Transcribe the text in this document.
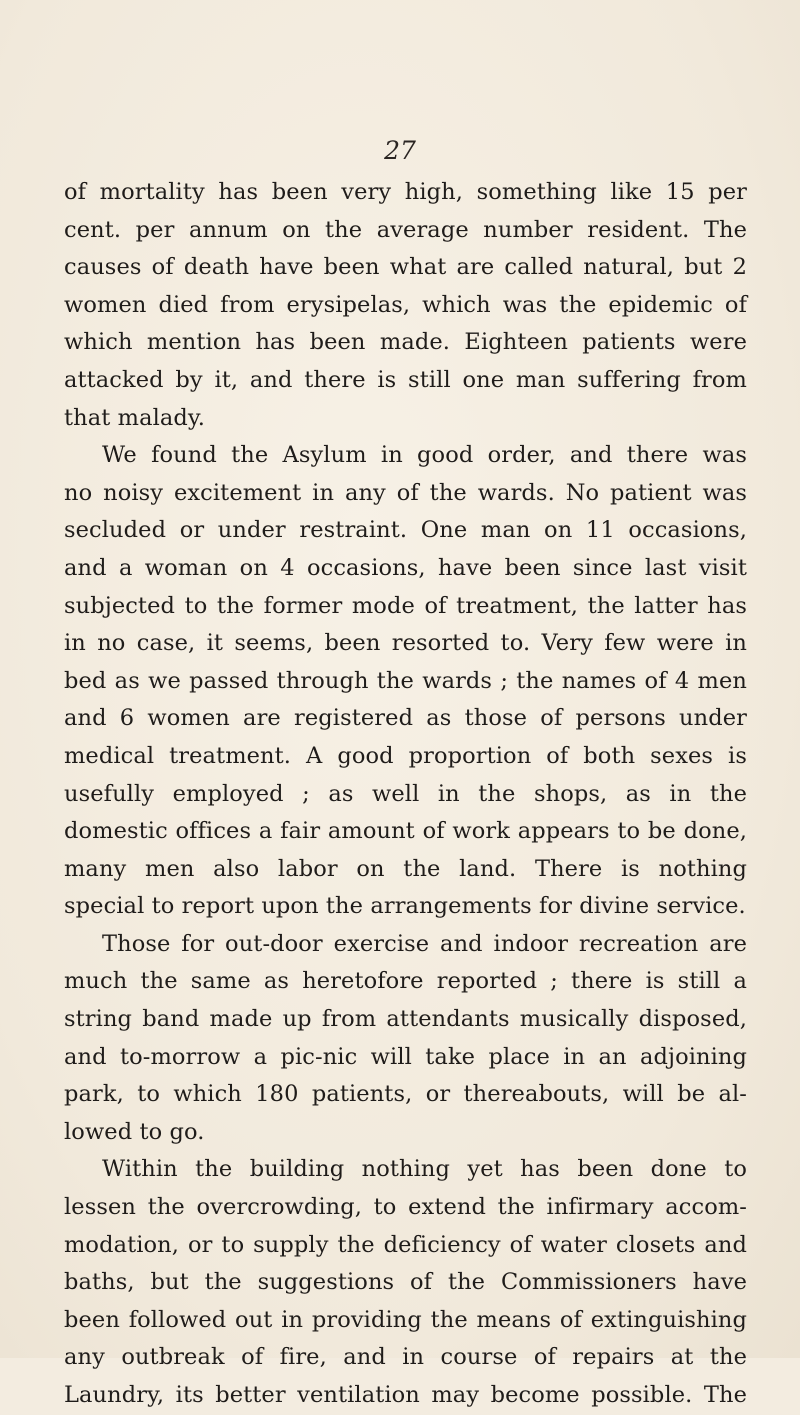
27
of mortality has been very high, something like 15 per
cent. per annum on the average number resident. The
causes of death have been what are called natural, but 2
women died from erysipelas, which was the epidemic of
which mention has been made. Eighteen patients were
attacked by it, and there is still one man suffering from
that malady.
We found the Asylum in good order, and there was
no noisy excitement in any of the wards. No patient was
secluded or under restraint. One man on 11 occasions,
and a woman on 4 occasions, have been since last visit
subjected to the former mode of treatment, the latter has
in no case, it seems, been resorted to. Very few were in
bed as we passed through the wards ; the names of 4 men
and 6 women are registered as those of persons under
medical treatment. A good proportion of both sexes is
usefully employed ; as well in the shops, as in the
domestic offices a fair amount of work appears to be done,
many men also labor on the land. There is nothing
special to report upon the arrangements for divine service.
Those for out-door exercise and indoor recreation are
much the same as heretofore reported ; there is still a
string band made up from attendants musically disposed,
and to-morrow a pic-nic will take place in an adjoining
park, to which 180 patients, or thereabouts, will be al-
lowed to go.
Within the building nothing yet has been done to
lessen the overcrowding, to extend the infirmary accom-
modation, or to supply the deficiency of water closets and
baths, but the suggestions of the Commissioners have
been followed out in providing the means of extinguishing
any outbreak of fire, and in course of repairs at the
Laundry, its better ventilation may become possible. The
